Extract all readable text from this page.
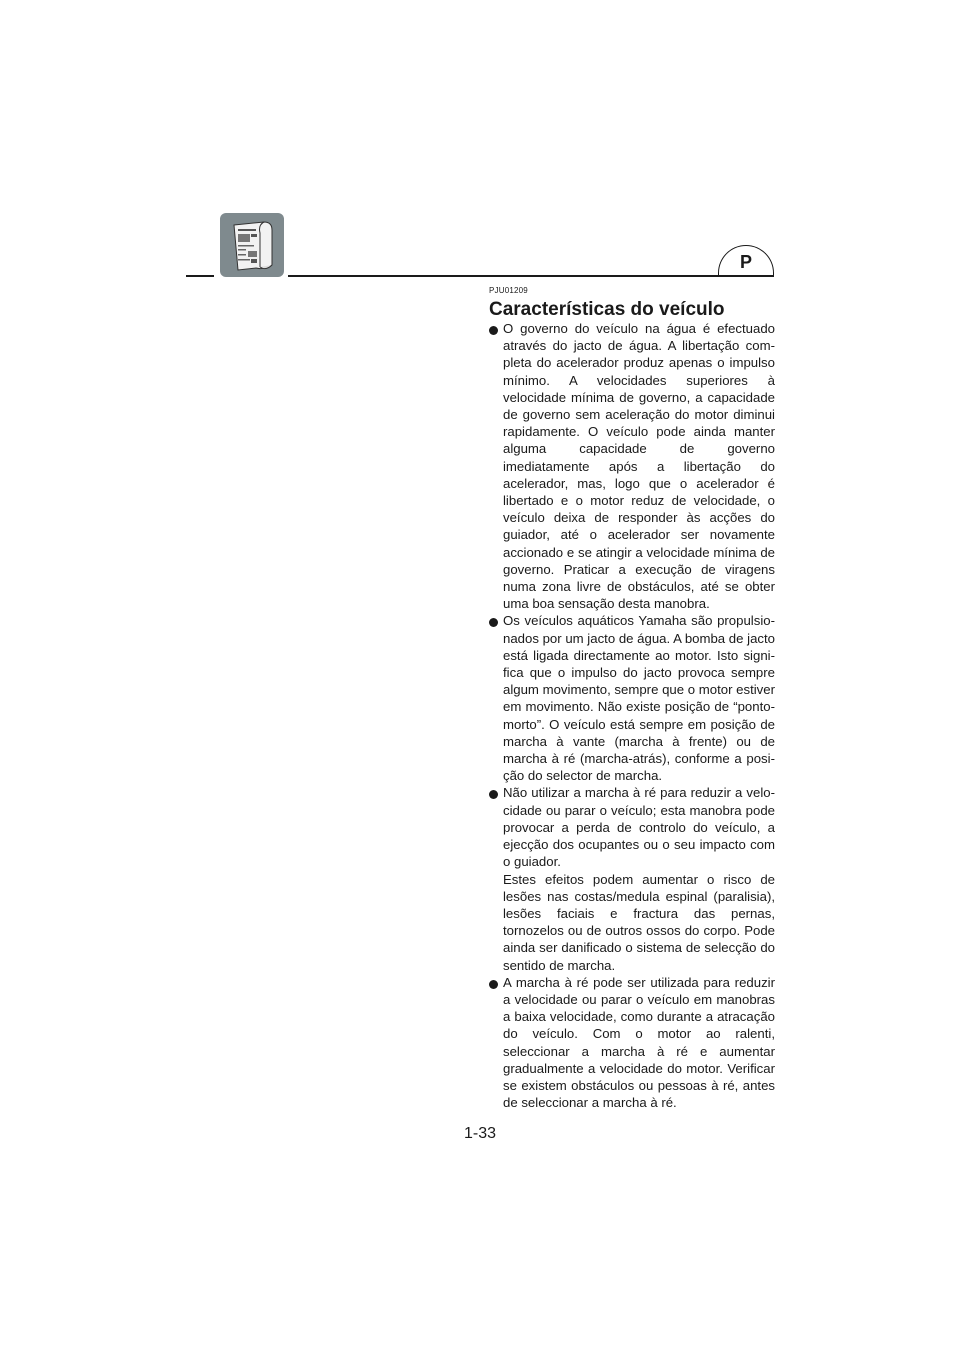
P
PJU01209
Características do veículo

O governo do veículo na água é efectuado através do jacto de água. A libertação completa do acelerador produz apenas o impulso mínimo. A velocidades superiores à velocidade mínima de governo, a capacidade de governo sem aceleração do motor diminui rapidamente. O veículo pode ainda manter alguma capacidade de governo imediatamente após a libertação do acelerador, mas, logo que o acelerador é libertado e o motor reduz de velocidade, o veículo deixa de responder às acções do guiador, até o acelerador ser novamente accionado e se atingir a velocidade mínima de governo. Praticar a execução de viragens numa zona livre de obstáculos, até se obter uma boa sensação desta manobra.

Os veículos aquáticos Yamaha são propulsionados por um jacto de água. A bomba de jacto está ligada directamente ao motor. Isto significa que o impulso do jacto provoca sempre algum movimento, sempre que o motor estiver em movimento. Não existe posição de “ponto-morto”. O veículo está sempre em posição de marcha à vante (marcha à frente) ou de marcha à ré (marcha-atrás), conforme a posição do selector de marcha.

Não utilizar a marcha à ré para reduzir a velocidade ou parar o veículo; esta manobra pode provocar a perda de controlo do veículo, a ejecção dos ocupantes ou o seu impacto com o guiador.

Estes efeitos podem aumentar o risco de lesões nas costas/medula espinal (paralisia), lesões faciais e fractura das pernas, tornozelos ou de outros ossos do corpo. Pode ainda ser danificado o sistema de selecção do sentido de marcha.

A marcha à ré pode ser utilizada para reduzir a velocidade ou parar o veículo em manobras a baixa velocidade, como durante a atracação do veículo. Com o motor ao ralenti, seleccionar a marcha à ré e aumentar gradualmente a velocidade do motor. Verificar se existem obstáculos ou pessoas à ré, antes de seleccionar a marcha à ré.

1-33
